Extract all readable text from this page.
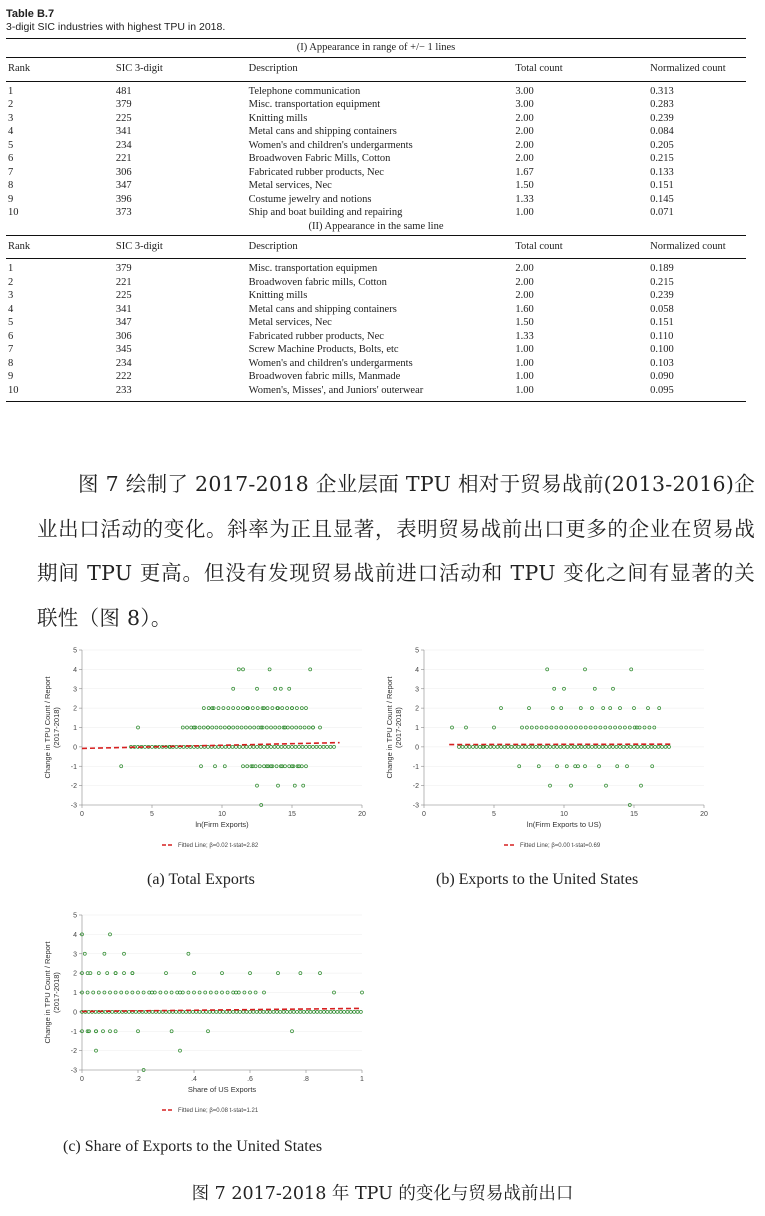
Table B.7
3-digit SIC industries with highest TPU in 2018.
(I) Appearance in range of +/− 1 lines
Rank	SIC 3-digit	Description	Total count	Normalized count
1	481	Telephone communication	3.00	0.313
2	379	Misc. transportation equipment	3.00	0.283
3	225	Knitting mills	2.00	0.239
4	341	Metal cans and shipping containers	2.00	0.084
5	234	Women's and children's undergarments	2.00	0.205
6	221	Broadwoven Fabric Mills, Cotton	2.00	0.215
7	306	Fabricated rubber products, Nec	1.67	0.133
8	347	Metal services, Nec	1.50	0.151
9	396	Costume jewelry and notions	1.33	0.145
10	373	Ship and boat building and repairing	1.00	0.071
(II) Appearance in the same line
Rank	SIC 3-digit	Description	Total count	Normalized count
1	379	Misc. transportation equipmen	2.00	0.189
2	221	Broadwoven fabric mills, Cotton	2.00	0.215
3	225	Knitting mills	2.00	0.239
4	341	Metal cans and shipping containers	1.60	0.058
5	347	Metal services, Nec	1.50	0.151
6	306	Fabricated rubber products, Nec	1.33	0.110
7	345	Screw Machine Products, Bolts, etc	1.00	0.100
8	234	Women's and children's undergarments	1.00	0.103
9	222	Broadwoven fabric mills, Manmade	1.00	0.090
10	233	Women's, Misses', and Juniors' outerwear	1.00	0.095

图 7 绘制了 2017-2018 企业层面 TPU 相对于贸易战前(2013-2016)企业出口活动的变化。斜率为正且显著，表明贸易战前出口更多的企业在贸易战期间 TPU 更高。但没有发现贸易战前进口活动和 TPU 变化之间有显著的关联性（图 8）。

-3
-2
-1
0
1
2
3
4
5
0	5	10	15	20
ln(Firm Exports)
Change in TPU Count / Report (2017-2018)
Fitted Line; β=0.02 t-stat=2.82
(a) Total Exports
-3
-2
-1
0
1
2
3
4
5
0	5	10	15	20
ln(Firm Exports to US)
Change in TPU Count / Report (2017-2018)
Fitted Line; β=0.00 t-stat=0.69
(b) Exports to the United States
-3
-2
-1
0
1
2
3
4
5
0	.2	.4	.6	.8	1
Share of US Exports
Change in TPU Count / Report (2017-2018)
Fitted Line; β=0.08 t-stat=1.21
(c) Share of Exports to the United States
图 7 2017-2018 年 TPU 的变化与贸易战前出口
